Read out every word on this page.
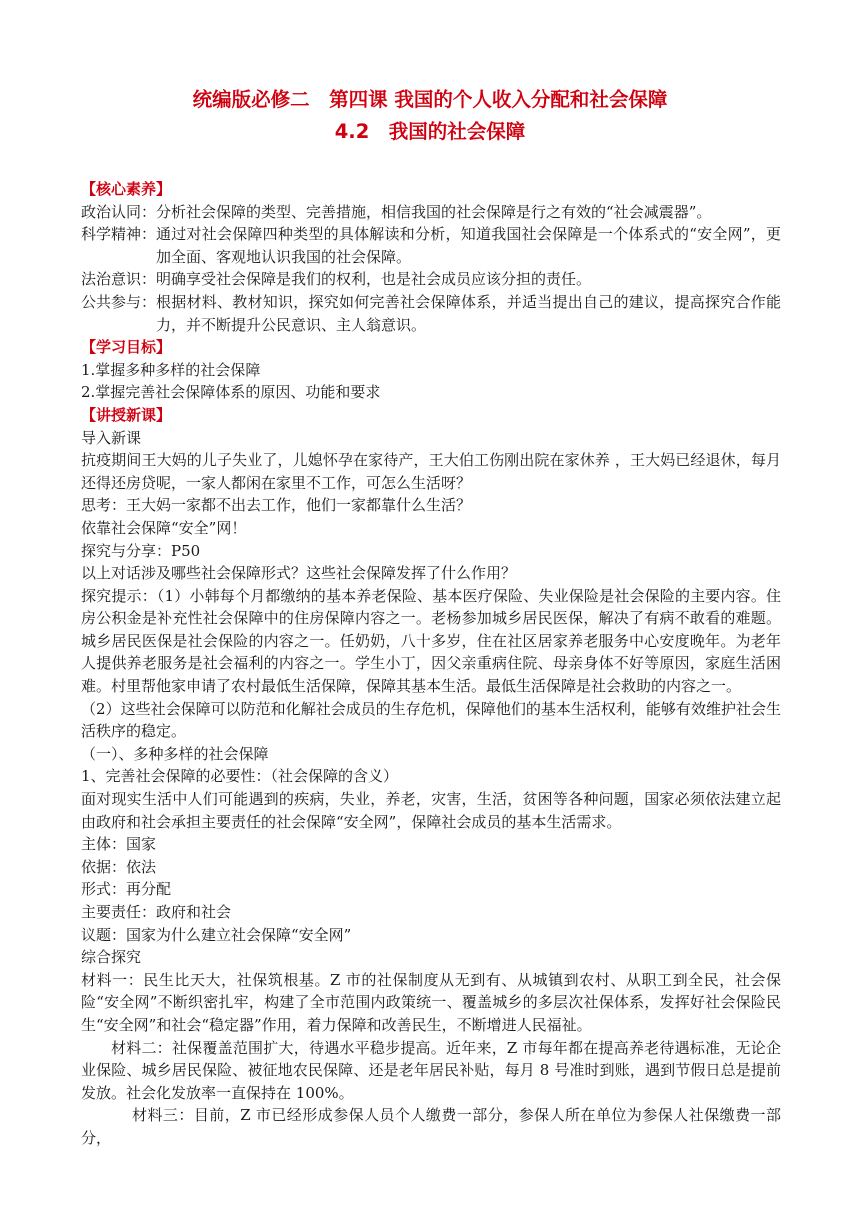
统编版必修二　第四课 我国的个人收入分配和社会保障
4.2　我国的社会保障

【核心素养】

政治认同： 分析社会保障的类型、完善措施，相信我国的社会保障是行之有效的“社会减震器”。
科学精神： 通过对社会保障四种类型的具体解读和分析，知道我国社会保障是一个体系式的“安全网”，更加全面、客观地认识我国的社会保障。
法治意识： 明确享受社会保障是我们的权利，也是社会成员应该分担的责任。
公共参与： 根据材料、教材知识，探究如何完善社会保障体系，并适当提出自己的建议，提高探究合作能力，并不断提升公民意识、主人翁意识。

【学习目标】

1.掌握多种多样的社会保障

2.掌握完善社会保障体系的原因、功能和要求

【讲授新课】

导入新课

抗疫期间王大妈的儿子失业了，儿媳怀孕在家待产，王大伯工伤刚出院在家休养 ，王大妈已经退休，每月还得还房贷呢，一家人都闲在家里不工作，可怎么生活呀？

思考：王大妈一家都不出去工作，他们一家都靠什么生活？

依靠社会保障“安全”网！

探究与分享：P50

以上对话涉及哪些社会保障形式？这些社会保障发挥了什么作用？

探究提示：（1）小韩每个月都缴纳的基本养老保险、基本医疗保险、失业保险是社会保险的主要内容。住房公积金是补充性社会保障中的住房保障内容之一。老杨参加城乡居民医保，解决了有病不敢看的难题。城乡居民医保是社会保险的内容之一。任奶奶，八十多岁，住在社区居家养老服务中心安度晚年。为老年人提供养老服务是社会福利的内容之一。学生小丁，因父亲重病住院、母亲身体不好等原因，家庭生活困难。村里帮他家申请了农村最低生活保障，保障其基本生活。最低生活保障是社会救助的内容之一。

（2）这些社会保障可以防范和化解社会成员的生存危机，保障他们的基本生活权利，能够有效维护社会生活秩序的稳定。

（一）、多种多样的社会保障

1、完善社会保障的必要性：（社会保障的含义）

面对现实生活中人们可能遇到的疾病，失业，养老，灾害，生活，贫困等各种问题，国家必须依法建立起由政府和社会承担主要责任的社会保障“安全网”，保障社会成员的基本生活需求。

主体：国家

依据：依法

形式：再分配

主要责任：政府和社会

议题：国家为什么建立社会保障“安全网”

综合探究

材料一：民生比天大，社保筑根基。Z 市的社保制度从无到有、从城镇到农村、从职工到全民，社会保险“安全网”不断织密扎牢，构建了全市范围内政策统一、覆盖城乡的多层次社保体系，发挥好社会保险民生“安全网”和社会“稳定器”作用，着力保障和改善民生，不断增进人民福祉。

材料二：社保覆盖范围扩大，待遇水平稳步提高。近年来，Z 市每年都在提高养老待遇标准，无论企业保险、城乡居民保险、被征地农民保障、还是老年居民补贴，每月 8 号准时到账，遇到节假日总是提前发放。社会化发放率一直保持在 100%。

材料三：目前，Z 市已经形成参保人员个人缴费一部分，参保人所在单位为参保人社保缴费一部分，
